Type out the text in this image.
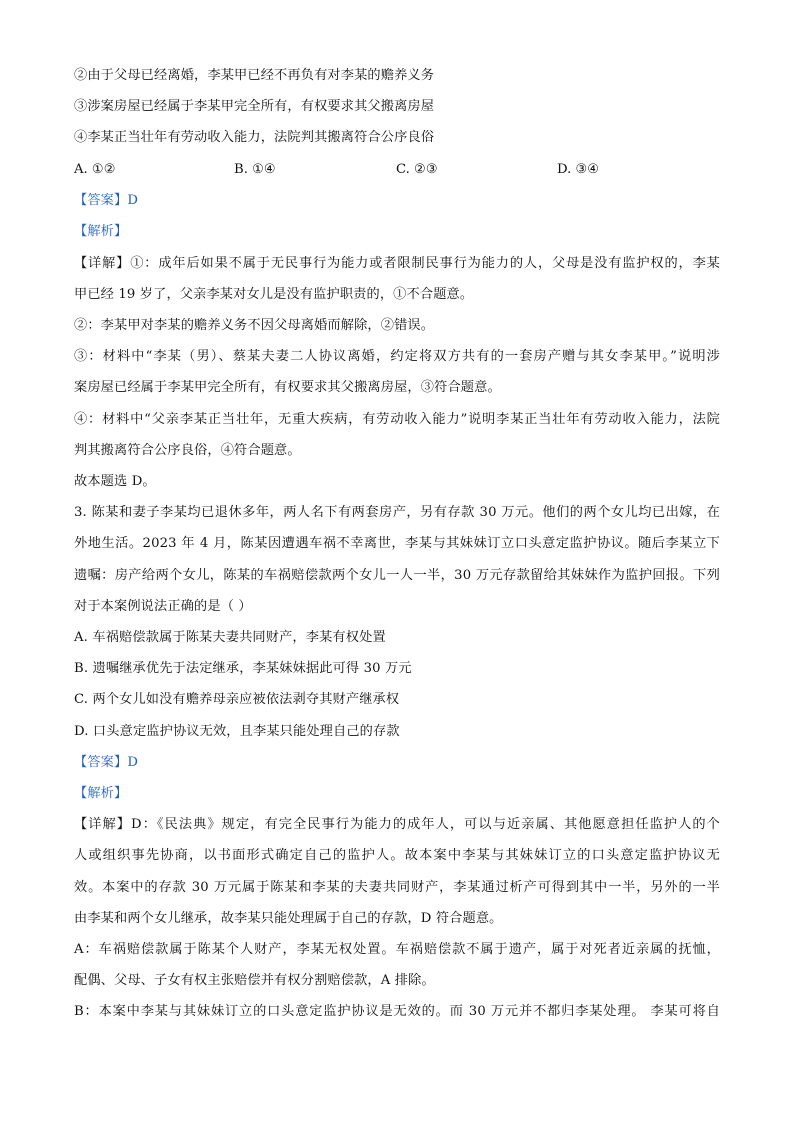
②由于父母已经离婚，李某甲已经不再负有对李某的赡养义务
③涉案房屋已经属于李某甲完全所有，有权要求其父搬离房屋
④李某正当壮年有劳动收入能力，法院判其搬离符合公序良俗
A. ①②	B. ①④	C. ②③	D. ③④
【答案】D
【解析】
【详解】①：成年后如果不属于无民事行为能力或者限制民事行为能力的人，父母是没有监护权的，李某
甲已经 19 岁了，父亲李某对女儿是没有监护职责的，①不合题意。
②：李某甲对李某的赡养义务不因父母离婚而解除，②错误。
③：材料中“李某（男）、蔡某夫妻二人协议离婚，约定将双方共有的一套房产赠与其女李某甲。”说明涉
案房屋已经属于李某甲完全所有，有权要求其父搬离房屋，③符合题意。
④：材料中“父亲李某正当壮年，无重大疾病，有劳动收入能力”说明李某正当壮年有劳动收入能力，法院
判其搬离符合公序良俗，④符合题意。
故本题选 D。
3. 陈某和妻子李某均已退休多年，两人名下有两套房产，另有存款 30 万元。他们的两个女儿均已出嫁，在
外地生活。2023 年 4 月，陈某因遭遇车祸不幸离世，李某与其妹妹订立口头意定监护协议。随后李某立下
遗嘱：房产给两个女儿，陈某的车祸赔偿款两个女儿一人一半，30 万元存款留给其妹妹作为监护回报。下列
对于本案例说法正确的是（ ）
A. 车祸赔偿款属于陈某夫妻共同财产，李某有权处置
B. 遗嘱继承优先于法定继承，李某妹妹据此可得 30 万元
C. 两个女儿如没有赡养母亲应被依法剥夺其财产继承权
D. 口头意定监护协议无效，且李某只能处理自己的存款
【答案】D
【解析】
【详解】D：《民法典》规定，有完全民事行为能力的成年人，可以与近亲属、其他愿意担任监护人的个
人或组织事先协商，以书面形式确定自己的监护人。故本案中李某与其妹妹订立的口头意定监护协议无
效。本案中的存款 30 万元属于陈某和李某的夫妻共同财产，李某通过析产可得到其中一半，另外的一半
由李某和两个女儿继承，故李某只能处理属于自己的存款，D 符合题意。
A：车祸赔偿款属于陈某个人财产，李某无权处置。车祸赔偿款不属于遗产，属于对死者近亲属的抚恤，
配偶、父母、子女有权主张赔偿并有权分割赔偿款，A 排除。
B：本案中李某与其妹妹订立的口头意定监护协议是无效的。而 30 万元并不都归李某处理。 李某可将自
